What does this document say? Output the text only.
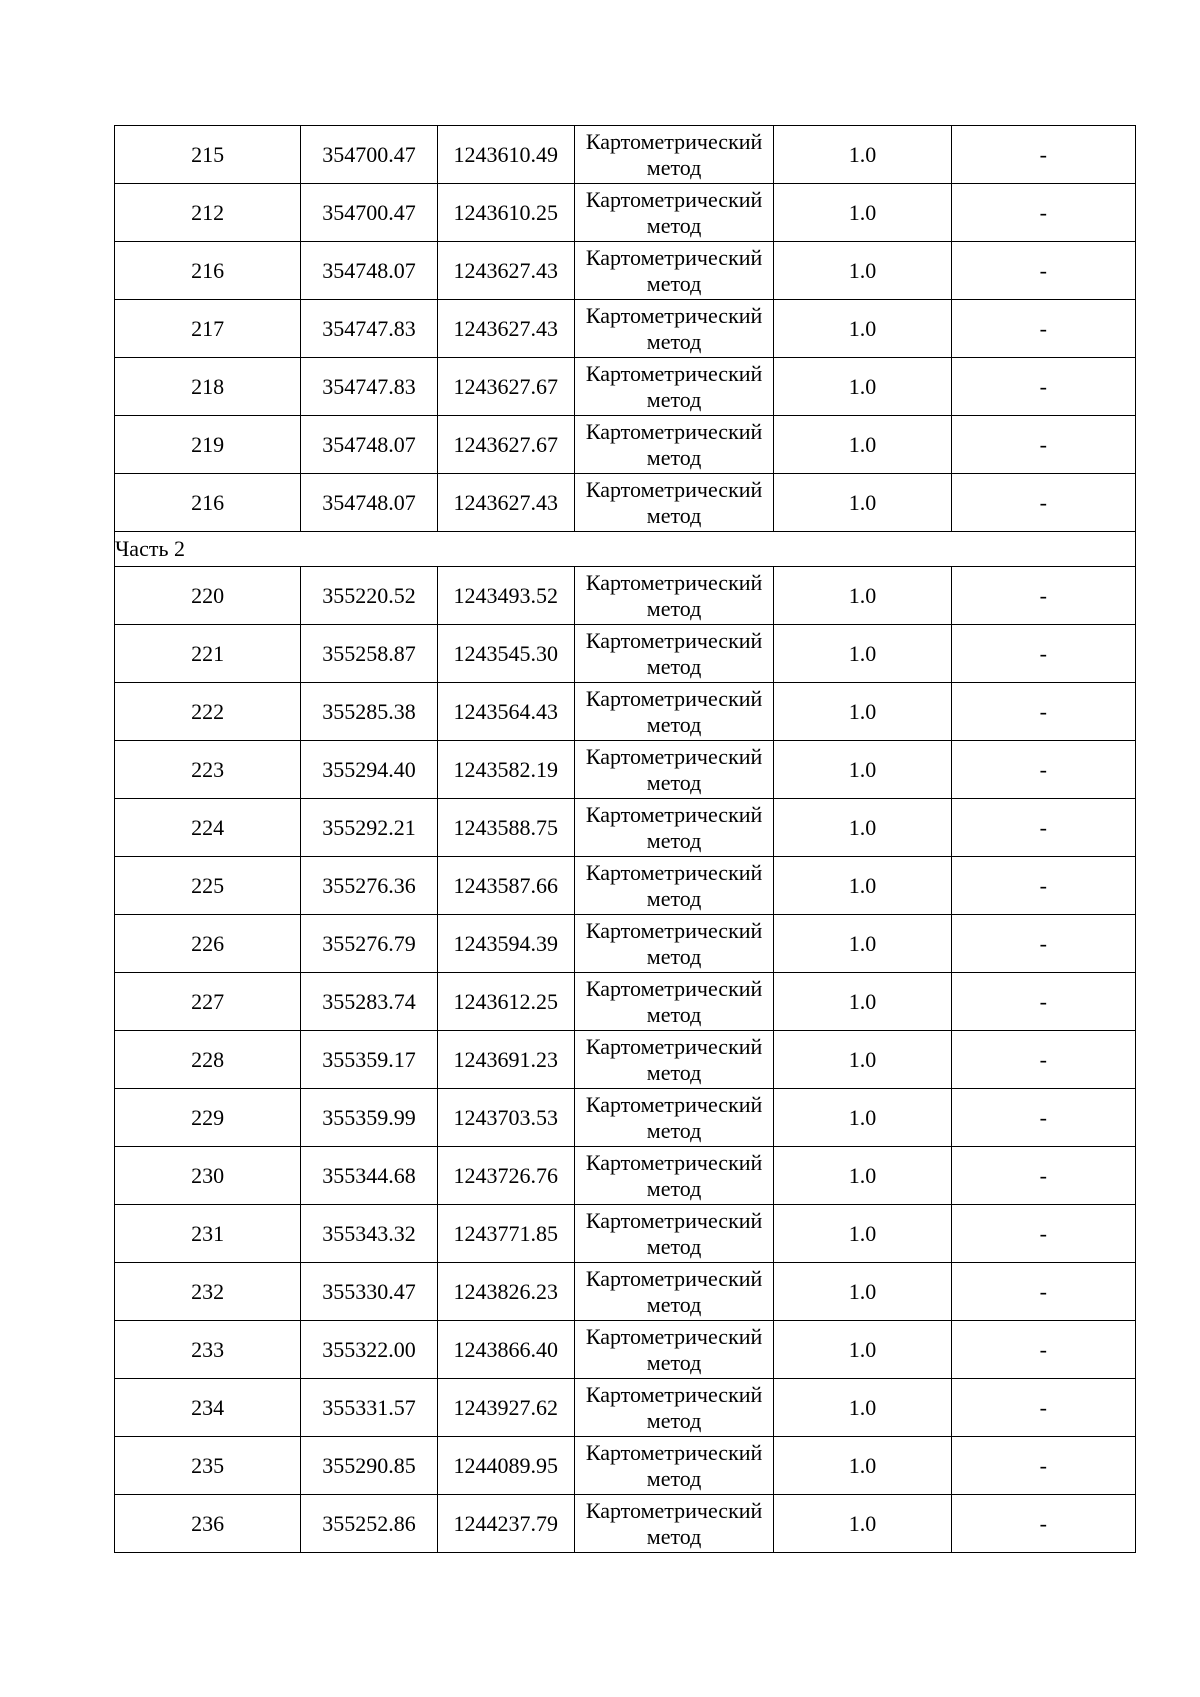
215	354700.47	1243610.49	Картометрический метод	1.0	-
212	354700.47	1243610.25	Картометрический метод	1.0	-
216	354748.07	1243627.43	Картометрический метод	1.0	-
217	354747.83	1243627.43	Картометрический метод	1.0	-
218	354747.83	1243627.67	Картометрический метод	1.0	-
219	354748.07	1243627.67	Картометрический метод	1.0	-
216	354748.07	1243627.43	Картометрический метод	1.0	-
Часть 2					
220	355220.52	1243493.52	Картометрический метод	1.0	-
221	355258.87	1243545.30	Картометрический метод	1.0	-
222	355285.38	1243564.43	Картометрический метод	1.0	-
223	355294.40	1243582.19	Картометрический метод	1.0	-
224	355292.21	1243588.75	Картометрический метод	1.0	-
225	355276.36	1243587.66	Картометрический метод	1.0	-
226	355276.79	1243594.39	Картометрический метод	1.0	-
227	355283.74	1243612.25	Картометрический метод	1.0	-
228	355359.17	1243691.23	Картометрический метод	1.0	-
229	355359.99	1243703.53	Картометрический метод	1.0	-
230	355344.68	1243726.76	Картометрический метод	1.0	-
231	355343.32	1243771.85	Картометрический метод	1.0	-
232	355330.47	1243826.23	Картометрический метод	1.0	-
233	355322.00	1243866.40	Картометрический метод	1.0	-
234	355331.57	1243927.62	Картометрический метод	1.0	-
235	355290.85	1244089.95	Картометрический метод	1.0	-
236	355252.86	1244237.79	Картометрический метод	1.0	-
